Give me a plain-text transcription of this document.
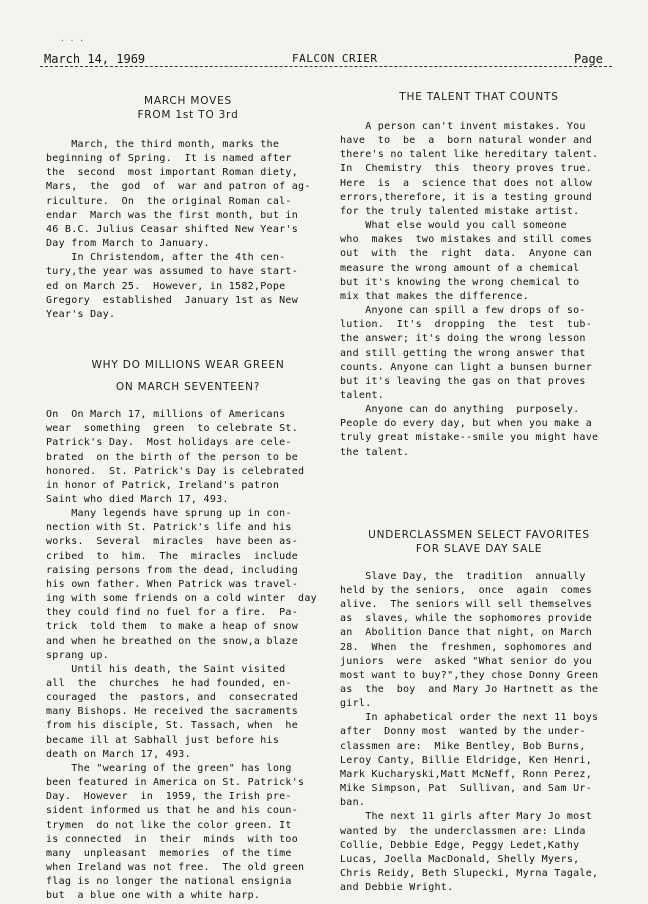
· · ·
March 14, 1969	FALCON CRIER	Page
MARCH MOVES
FROM 1st TO 3rd

March, the third month, marks the
beginning of Spring.  It is named after
the  second  most important Roman diety,
Mars,  the  god  of  war and patron of ag-
riculture.  On  the original Roman cal-
endar  March was the first month, but in
46 B.C. Julius Ceasar shifted New Year's
Day from March to January.
In Christendom, after the 4th cen-
tury,the year was assumed to have start-
ed on March 25.  However, in 1582,Pope
Gregory  established  January 1st as New
Year's Day.

WHY DO MILLIONS WEAR GREEN
ON MARCH SEVENTEEN?

On  On March 17, millions of Americans
wear  something  green  to celebrate St.
Patrick's Day.  Most holidays are cele-
brated  on the birth of the person to be
honored.  St. Patrick's Day is celebrated
in honor of Patrick, Ireland's patron
Saint who died March 17, 493.
Many legends have sprung up in con-
nection with St. Patrick's life and his
works.  Several  miracles  have been as-
cribed  to  him.  The  miracles  include
raising persons from the dead, including
his own father. When Patrick was travel-
ing with some friends on a cold winter  day
they could find no fuel for a fire.  Pa-
trick  told them  to make a heap of snow
and when he breathed on the snow,a blaze
sprang up.
Until his death, the Saint visited
all  the  churches  he had founded, en-
couraged  the  pastors, and  consecrated
many Bishops. He received the sacraments
from his disciple, St. Tassach, when  he
became ill at Sabhall just before his
death on March 17, 493.
The "wearing of the green" has long
been featured in America on St. Patrick's
Day.  However  in  1959, the Irish pre-
sident informed us that he and his coun-
trymen  do not like the color green. It
is connected  in  their  minds  with too
many  unpleasant  memories  of the time
when Ireland was not free.  The old green
flag is no longer the national ensignia
but  a blue one with a white harp.

THE TALENT THAT COUNTS

A person can't invent mistakes. You
have  to  be  a  born natural wonder and
there's no talent like hereditary talent.
In  Chemistry  this  theory proves true.
Here  is  a  science that does not allow
errors,therefore, it is a testing ground
for the truly talented mistake artist.
What else would you call someone
who  makes  two mistakes and still comes
out  with  the  right  data.  Anyone can
measure the wrong amount of a chemical
but it's knowing the wrong chemical to
mix that makes the difference.
Anyone can spill a few drops of so-
lution.  It's  dropping  the  test  tub-
the answer; it's doing the wrong lesson
and still getting the wrong answer that
counts. Anyone can light a bunsen burner
but it's leaving the gas on that proves
talent.
Anyone can do anything  purposely.
People do every day, but when you make a
truly great mistake--smile you might have
the talent.

UNDERCLASSMEN SELECT FAVORITES
FOR SLAVE DAY SALE

Slave Day, the  tradition  annually
held by the seniors,  once  again  comes
alive.  The seniors will sell themselves
as  slaves, while the sophomores provide
an  Abolition Dance that night, on March
28.  When  the  freshmen, sophomores and
juniors  were  asked "What senior do you
most want to buy?",they chose Donny Green
as  the  boy  and Mary Jo Hartnett as the
girl.
In aphabetical order the next 11 boys
after  Donny most  wanted by the under-
classmen are:  Mike Bentley, Bob Burns,
Leroy Canty, Billie Eldridge, Ken Henri,
Mark Kucharyski,Matt McNeff, Ronn Perez,
Mike Simpson, Pat  Sullivan, and Sam Ur-
ban.
The next 11 girls after Mary Jo most
wanted by  the underclassmen are: Linda
Collie, Debbie Edge, Peggy Ledet,Kathy
Lucas, Joella MacDonald, Shelly Myers,
Chris Reidy, Beth Slupecki, Myrna Tagale,
and Debbie Wright.
